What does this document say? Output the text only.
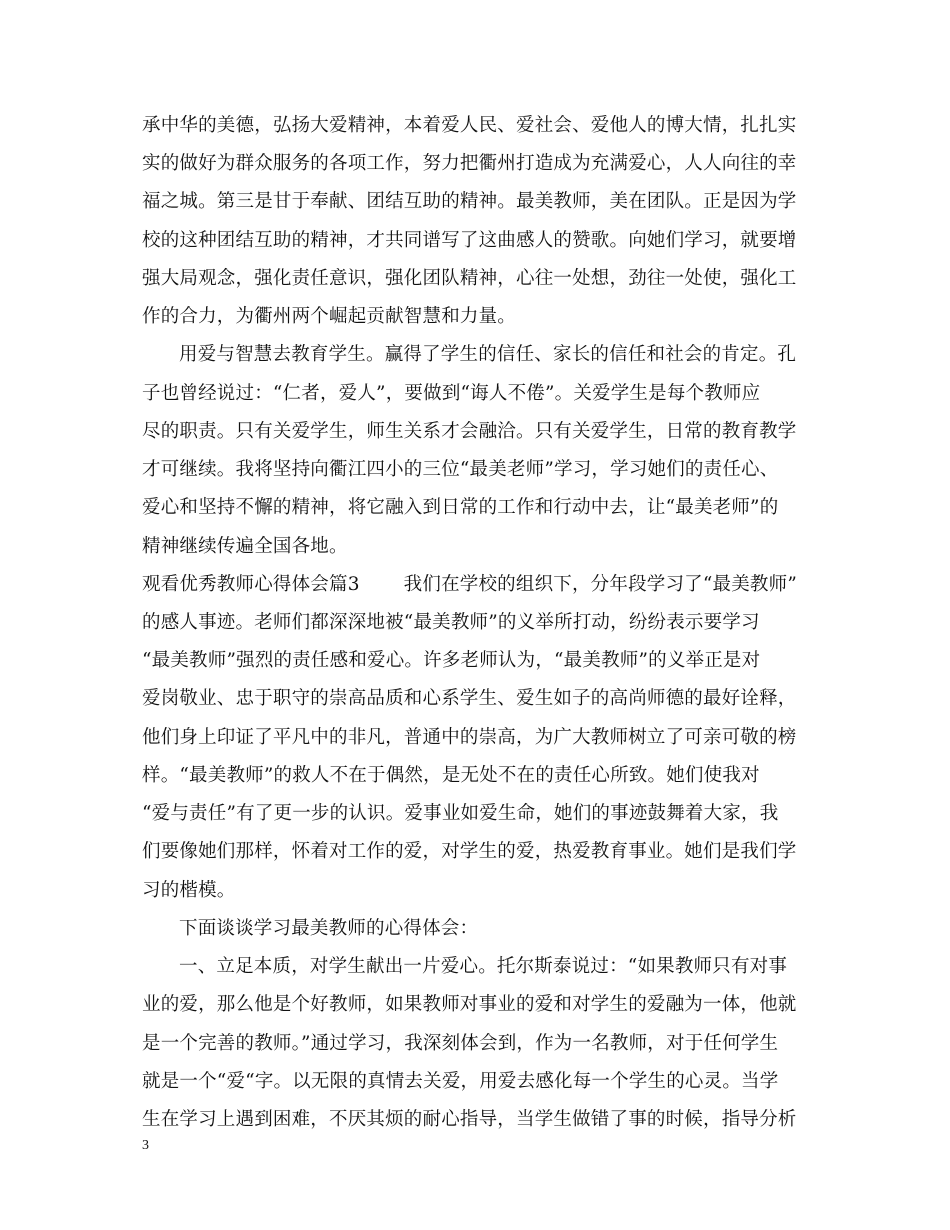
承中华的美德，弘扬大爱精神，本着爱人民、爱社会、爱他人的博大情，扎扎实
实的做好为群众服务的各项工作，努力把衢州打造成为充满爱心，人人向往的幸
福之城。第三是甘于奉献、团结互助的精神。最美教师，美在团队。正是因为学
校的这种团结互助的精神，才共同谱写了这曲感人的赞歌。向她们学习，就要增
强大局观念，强化责任意识，强化团队精神，心往一处想，劲往一处使，强化工
作的合力，为衢州两个崛起贡献智慧和力量。
用爱与智慧去教育学生。赢得了学生的信任、家长的信任和社会的肯定。孔
子也曾经说过：“仁者，爱人”，要做到“诲人不倦”。关爱学生是每个教师应
尽的职责。只有关爱学生，师生关系才会融洽。只有关爱学生，日常的教育教学
才可继续。我将坚持向衢江四小的三位“最美老师”学习，学习她们的责任心、
爱心和坚持不懈的精神，将它融入到日常的工作和行动中去，让“最美老师”的
精神继续传遍全国各地。
观看优秀教师心得体会篇3 我们在学校的组织下，分年段学习了“最美教师”
的感人事迹。老师们都深深地被“最美教师”的义举所打动，纷纷表示要学习
“最美教师”强烈的责任感和爱心。许多老师认为，“最美教师”的义举正是对
爱岗敬业、忠于职守的崇高品质和心系学生、爱生如子的高尚师德的最好诠释，
他们身上印证了平凡中的非凡，普通中的崇高，为广大教师树立了可亲可敬的榜
样。“最美教师”的救人不在于偶然，是无处不在的责任心所致。她们使我对
“爱与责任”有了更一步的认识。爱事业如爱生命，她们的事迹鼓舞着大家，我
们要像她们那样，怀着对工作的爱，对学生的爱，热爱教育事业。她们是我们学
习的楷模。
下面谈谈学习最美教师的心得体会：
一、立足本质，对学生献出一片爱心。托尔斯泰说过：“如果教师只有对事
业的爱，那么他是个好教师，如果教师对事业的爱和对学生的爱融为一体，他就
是一个完善的教师。”通过学习，我深刻体会到，作为一名教师，对于任何学生
就是一个“爱“字。以无限的真情去关爱，用爱去感化每一个学生的心灵。当学
生在学习上遇到困难，不厌其烦的耐心指导，当学生做错了事的时候，指导分析
3
